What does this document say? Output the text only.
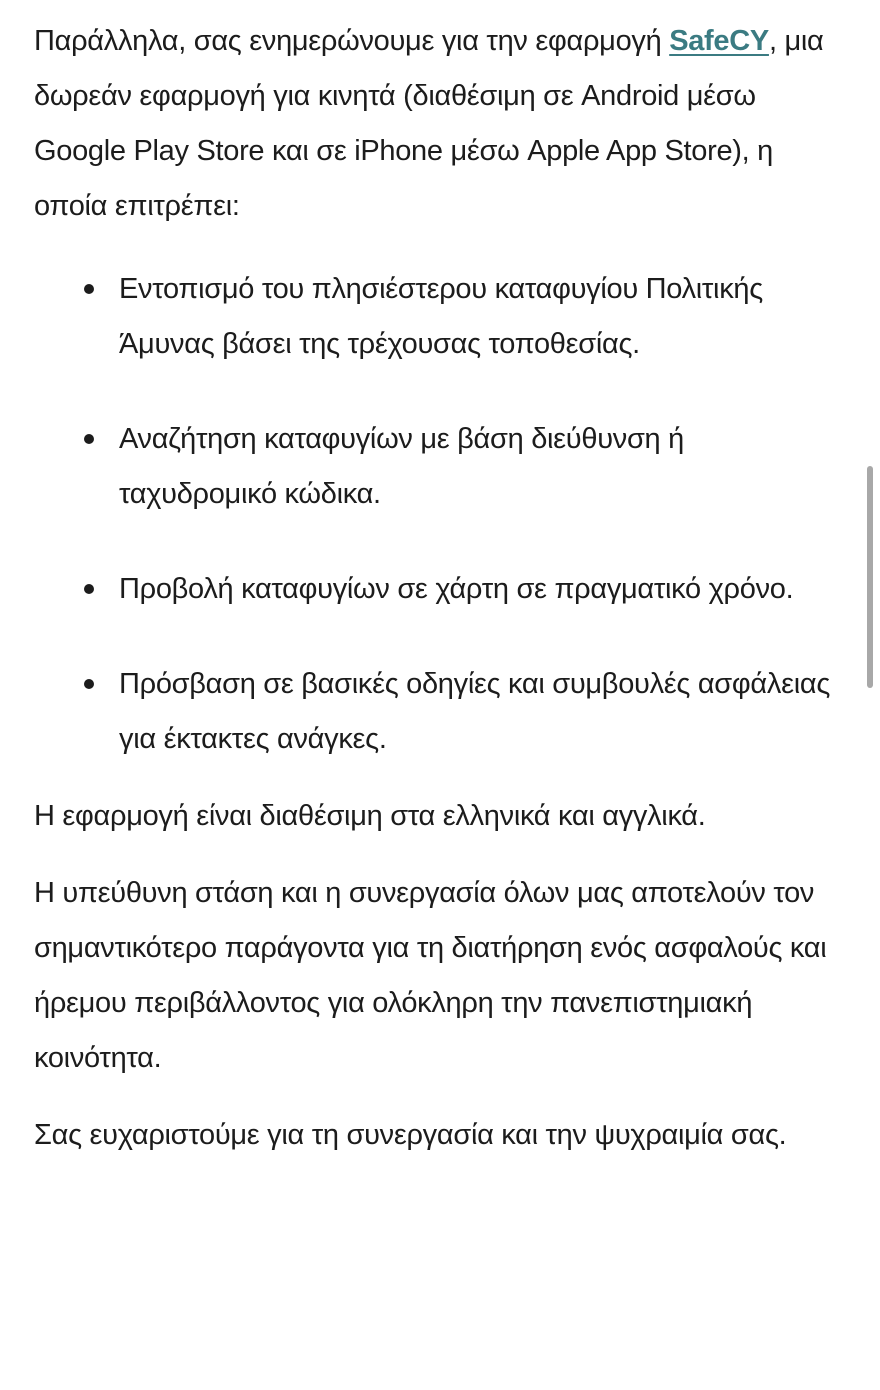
Παράλληλα, σας ενημερώνουμε για την εφαρμογή SafeCY, μια δωρεάν εφαρμογή για κινητά (διαθέσιμη σε Android μέσω Google Play Store και σε iPhone μέσω Apple App Store), η οποία επιτρέπει:

Εντοπισμό του πλησιέστερου καταφυγίου Πολιτικής Άμυνας βάσει της τρέχουσας τοποθεσίας.
Αναζήτηση καταφυγίων με βάση διεύθυνση ή ταχυδρομικό κώδικα.
Προβολή καταφυγίων σε χάρτη σε πραγματικό χρόνο.
Πρόσβαση σε βασικές οδηγίες και συμβουλές ασφάλειας για έκτακτες ανάγκες.

Η εφαρμογή είναι διαθέσιμη στα ελληνικά και αγγλικά.

Η υπεύθυνη στάση και η συνεργασία όλων μας αποτελούν τον σημαντικότερο παράγοντα για τη διατήρηση ενός ασφαλούς και ήρεμου περιβάλλοντος για ολόκληρη την πανεπιστημιακή κοινότητα.

Σας ευχαριστούμε για τη συνεργασία και την ψυχραιμία σας.
